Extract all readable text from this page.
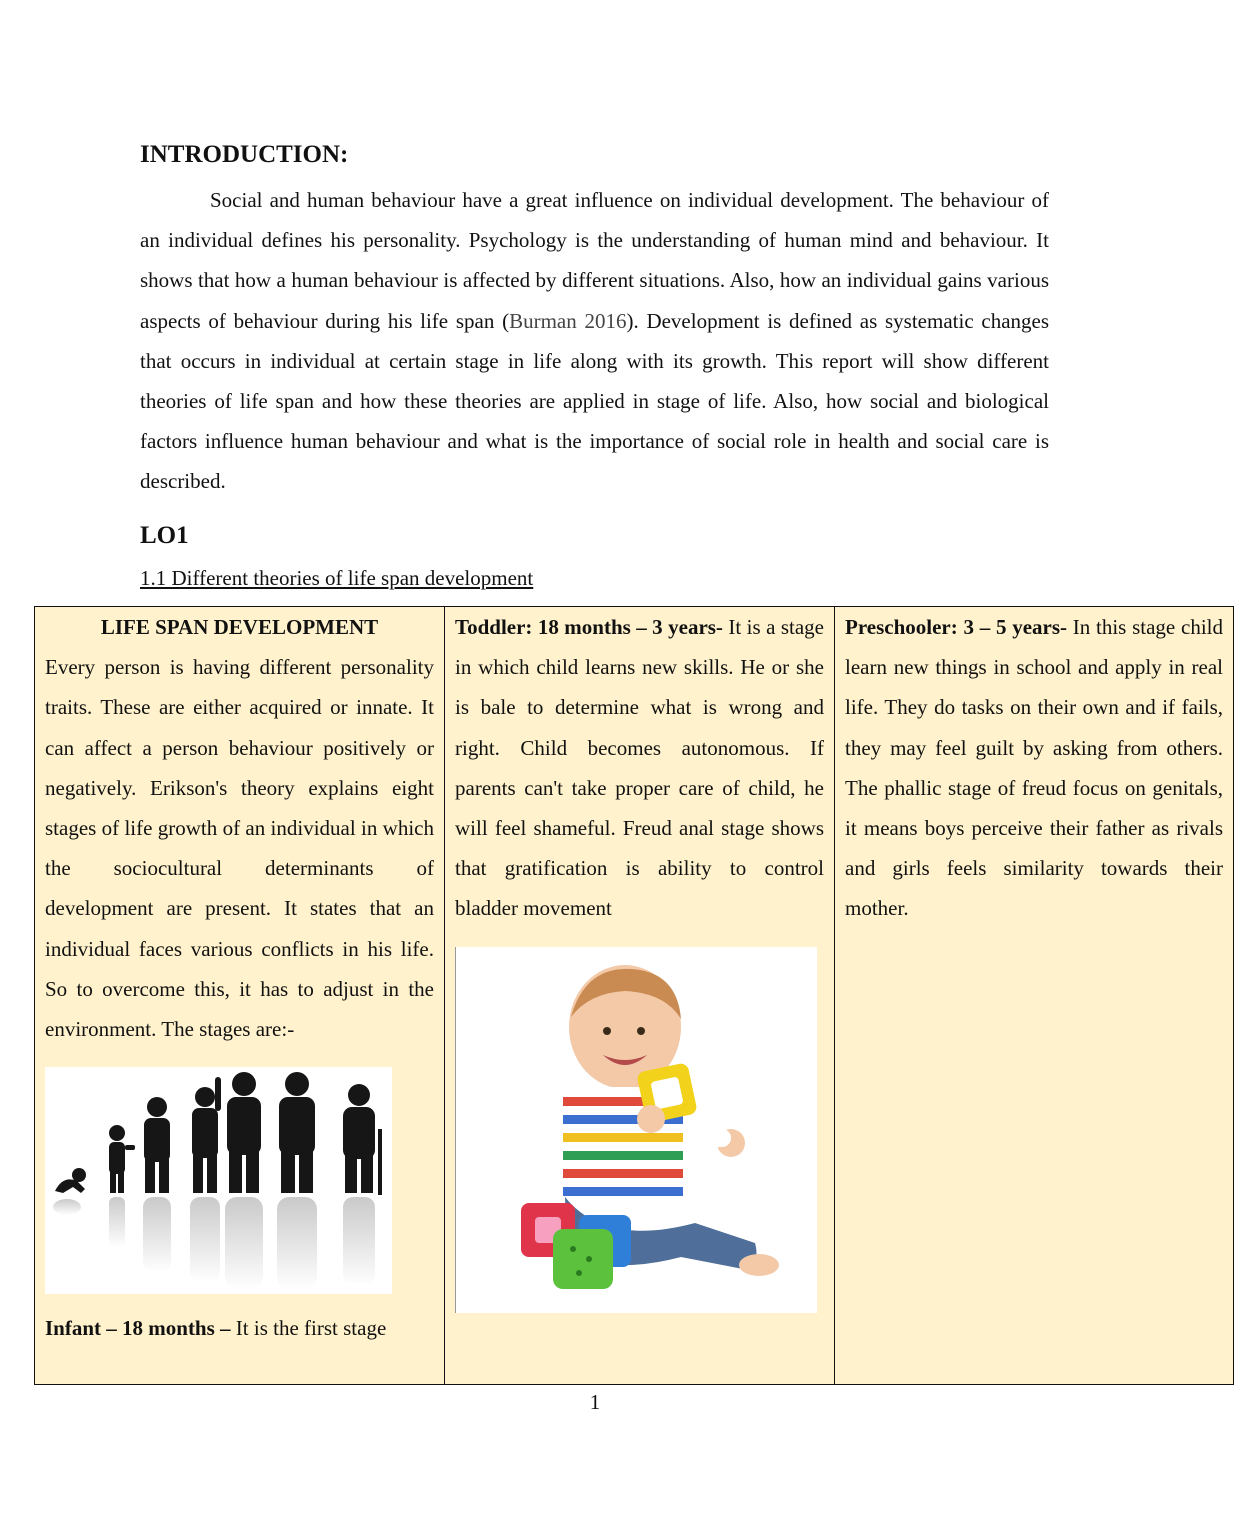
INTRODUCTION:

Social and human behaviour have a great influence on individual development. The behaviour of an individual defines his personality. Psychology is the understanding of human mind and behaviour. It shows that how a human behaviour is affected by different situations. Also, how an individual gains various aspects of behaviour during his life span (Burman 2016). Development is defined as systematic changes that occurs in individual at certain stage in life along with its growth. This report will show different theories of life span and how these theories are applied in stage of life. Also, how social and biological factors influence human behaviour and what is the importance of social role in health and social care is described.

LO1

1.1 Different theories of life span development

LIFE SPAN DEVELOPMENT

Every person is having different personality traits. These are either acquired or innate. It can affect a person behaviour positively or negatively. Erikson's theory explains eight stages of life growth of an individual in which the sociocultural determinants of development are present. It states that an individual faces various conflicts in his life. So to overcome this, it has to adjust in the environment. The stages are:-

Infant – 18 months – It is the first stage

Toddler: 18 months – 3 years- It is a stage in which child learns new skills. He or she is bale to determine what is wrong and right. Child becomes autonomous. If parents can't take proper care of child, he will feel shameful. Freud anal stage shows that gratification is ability to control bladder movement

Preschooler: 3 – 5 years- In this stage child learn new things in school and apply in real life. They do tasks on their own and if fails, they may feel guilt by asking from others. The phallic stage of freud focus on genitals, it means boys perceive their father as rivals and girls feels similarity towards their mother.

1
